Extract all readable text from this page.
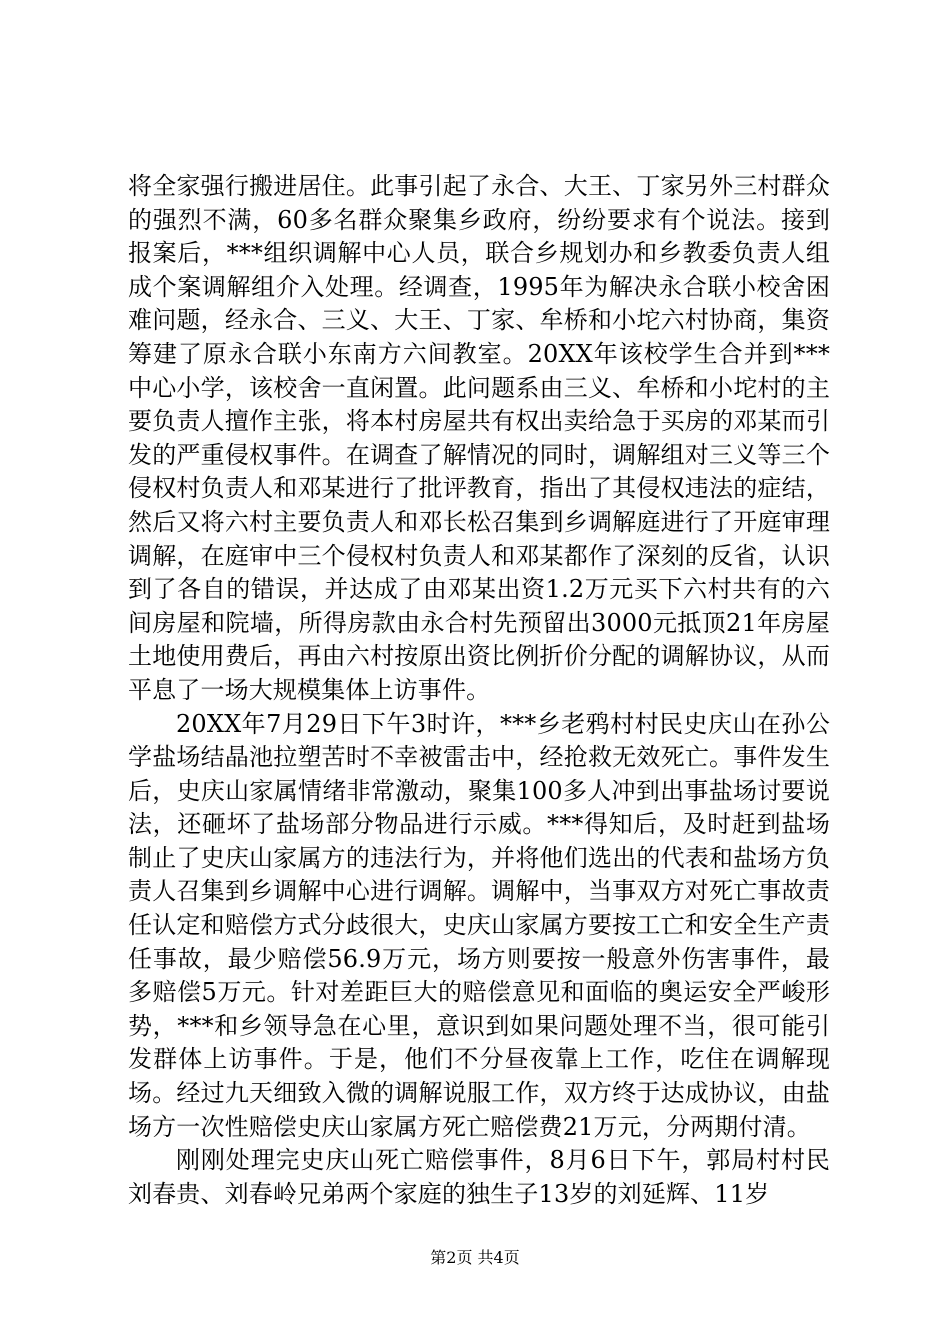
将全家强行搬进居住。此事引起了永合、大王、丁家另外三村群众的强烈不满，60多名群众聚集乡政府，纷纷要求有个说法。接到报案后，***组织调解中心人员，联合乡规划办和乡教委负责人组成个案调解组介入处理。经调查，1995年为解决永合联小校舍困难问题，经永合、三义、大王、丁家、牟桥和小坨六村协商，集资筹建了原永合联小东南方六间教室。20XX年该校学生合并到***中心小学，该校舍一直闲置。此问题系由三义、牟桥和小坨村的主要负责人擅作主张，将本村房屋共有权出卖给急于买房的邓某而引发的严重侵权事件。在调查了解情况的同时，调解组对三义等三个侵权村负责人和邓某进行了批评教育，指出了其侵权违法的症结，然后又将六村主要负责人和邓长松召集到乡调解庭进行了开庭审理调解，在庭审中三个侵权村负责人和邓某都作了深刻的反省，认识到了各自的错误，并达成了由邓某出资1.2万元买下六村共有的六间房屋和院墙，所得房款由永合村先预留出3000元抵顶21年房屋土地使用费后，再由六村按原出资比例折价分配的调解协议，从而平息了一场大规模集体上访事件。

20XX年7月29日下午3时许，***乡老鸦村村民史庆山在孙公学盐场结晶池拉塑苦时不幸被雷击中，经抢救无效死亡。事件发生后，史庆山家属情绪非常激动，聚集100多人冲到出事盐场讨要说法，还砸坏了盐场部分物品进行示威。***得知后，及时赶到盐场制止了史庆山家属方的违法行为，并将他们选出的代表和盐场方负责人召集到乡调解中心进行调解。调解中，当事双方对死亡事故责任认定和赔偿方式分歧很大，史庆山家属方要按工亡和安全生产责任事故，最少赔偿56.9万元，场方则要按一般意外伤害事件，最多赔偿5万元。针对差距巨大的赔偿意见和面临的奥运安全严峻形势，***和乡领导急在心里，意识到如果问题处理不当，很可能引发群体上访事件。于是，他们不分昼夜靠上工作，吃住在调解现场。经过九天细致入微的调解说服工作，双方终于达成协议，由盐场方一次性赔偿史庆山家属方死亡赔偿费21万元，分两期付清。

刚刚处理完史庆山死亡赔偿事件，8月6日下午，郭局村村民刘春贵、刘春岭兄弟两个家庭的独生子13岁的刘延辉、11岁

第2页 共4页
